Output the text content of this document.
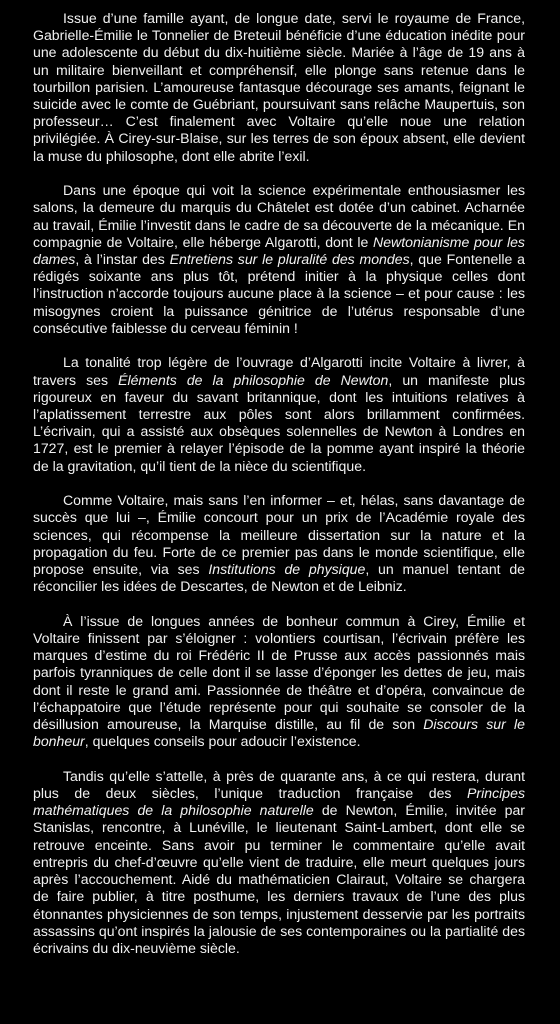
Issue d’une famille ayant, de longue date, servi le royaume de France, Gabrielle-Émilie le Tonnelier de Breteuil bénéficie d’une éducation inédite pour une adolescente du début du dix-huitième siècle. Mariée à l’âge de 19 ans à un militaire bienveillant et compréhensif, elle plonge sans retenue dans le tourbillon parisien. L’amoureuse fantasque décourage ses amants, feignant le suicide avec le comte de Guébriant, poursuivant sans relâche Maupertuis, son professeur… C’est finalement avec Voltaire qu’elle noue une relation privilégiée. À Cirey-sur-Blaise, sur les terres de son époux absent, elle devient la muse du philosophe, dont elle abrite l’exil.

Dans une époque qui voit la science expérimentale enthousiasmer les salons, la demeure du marquis du Châtelet est dotée d’un cabinet. Acharnée au travail, Émilie l’investit dans le cadre de sa découverte de la mécanique. En compagnie de Voltaire, elle héberge Algarotti, dont le Newtonianisme pour les dames, à l’instar des Entretiens sur le pluralité des mondes, que Fontenelle a rédigés soixante ans plus tôt, prétend initier à la physique celles dont l’instruction n’accorde toujours aucune place à la science – et pour cause : les misogynes croient la puissance génitrice de l’utérus responsable d’une consécutive faiblesse du cerveau féminin !

La tonalité trop légère de l’ouvrage d’Algarotti incite Voltaire à livrer, à travers ses Éléments de la philosophie de Newton, un manifeste plus rigoureux en faveur du savant britannique, dont les intuitions relatives à l’aplatissement terrestre aux pôles sont alors brillamment confirmées. L’écrivain, qui a assisté aux obsèques solennelles de Newton à Londres en 1727, est le premier à relayer l’épisode de la pomme ayant inspiré la théorie de la gravitation, qu’il tient de la nièce du scientifique.

Comme Voltaire, mais sans l’en informer – et, hélas, sans davantage de succès que lui –, Émilie concourt pour un prix de l’Académie royale des sciences, qui récompense la meilleure dissertation sur la nature et la propagation du feu. Forte de ce premier pas dans le monde scientifique, elle propose ensuite, via ses Institutions de physique, un manuel tentant de réconcilier les idées de Descartes, de Newton et de Leibniz.

À l’issue de longues années de bonheur commun à Cirey, Émilie et Voltaire finissent par s’éloigner : volontiers courtisan, l’écrivain préfère les marques d’estime du roi Frédéric II de Prusse aux accès passionnés mais parfois tyranniques de celle dont il se lasse d’éponger les dettes de jeu, mais dont il reste le grand ami. Passionnée de théâtre et d’opéra, convaincue de l’échappatoire que l’étude représente pour qui souhaite se consoler de la désillusion amoureuse, la Marquise distille, au fil de son Discours sur le bonheur, quelques conseils pour adoucir l’existence.

Tandis qu’elle s’attelle, à près de quarante ans, à ce qui restera, durant plus de deux siècles, l’unique traduction française des Principes mathématiques de la philosophie naturelle de Newton, Émilie, invitée par Stanislas, rencontre, à Lunéville, le lieutenant Saint-Lambert, dont elle se retrouve enceinte. Sans avoir pu terminer le commentaire qu’elle avait entrepris du chef-d’œuvre qu’elle vient de traduire, elle meurt quelques jours après l’accouchement. Aidé du mathématicien Clairaut, Voltaire se chargera de faire publier, à titre posthume, les derniers travaux de l’une des plus étonnantes physiciennes de son temps, injustement desservie par les portraits assassins qu’ont inspirés la jalousie de ses contemporaines ou la partialité des écrivains du dix-neuvième siècle.
